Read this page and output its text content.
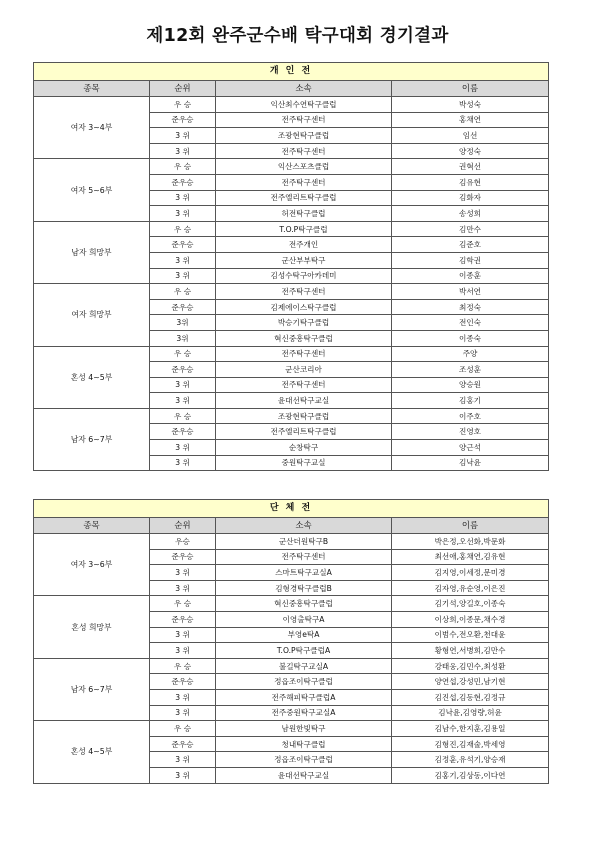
제12회 완주군수배 탁구대회 경기결과
개 인 전			
종목	순위	소속	이름
여자 3~4부	우 승	익산최수연탁구클럽	박성숙
	준우승	전주탁구센터	홍채연
	3 위	조광현탁구클럽	임선
	3 위	전주탁구센터	양정숙
여자 5~6부	우 승	익산스포츠클럽	권혁선
	준우승	전주탁구센터	김유현
	3 위	전주엘리트탁구클럽	김화자
	3 위	허전탁구클럽	송성희
남자 희망부	우 승	T.O.P탁구클럽	김만수
	준우승	전주개인	김준호
	3 위	군산부부탁구	김학권
	3 위	김성수탁구아카데미	이종훈
여자 희망부	우 승	전주탁구센터	박서연
	준우승	김제에이스탁구클럽	최정숙
	3위	박승기탁구클럽	전인숙
	3위	혁신중흥탁구클럽	이종숙
혼성 4~5부	우 승	전주탁구센터	주양
	준우승	군산코리아	조성훈
	3 위	전주탁구센터	양승원
	3 위	윤대선탁구교실	김홍기
남자 6~7부	우 승	조광현탁구클럽	이주호
	준우승	전주엘리트탁구클럽	진영호
	3 위	순창탁구	양근석
	3 위	중원탁구교실	김낙윤
단 체 전			
종목	순위	소속	이름
여자 3~6부	우승	군산더원탁구B	박은정,오선화,박문화
	준우승	전주탁구센터	최선애,홍채연,김유현
	3 위	스마트탁구교실A	김지영,이세정,문미경
	3 위	김형경탁구클럽B	김자영,유순영,이은진
혼성 희망부	우 승	혁신중흥탁구클럽	김기석,양길호,이종숙
	준우승	이영출탁구A	이상희,이종문,채수경
	3 위	부영e탁A	이범수,전오환,천대윤
	3 위	T.O.P탁구클럽A	황형연,서병희,김만수
남자 6~7부	우 승	불길탁구교실A	강태웅,김민수,최성환
	준우승	정읍조이탁구클럽	양연섭,강성민,남기현
	3 위	전주해피탁구클럽A	김진섭,김동현,김정규
	3 위	전주중원탁구교실A	김낙윤,김영량,허윤
혼성 4~5부	우 승	남원한빛탁구	김남수,한지훈,김용일
	준우승	청내탁구클럽	김형진,김재술,박세영
	3 위	정읍조이탁구클럽	김정훈,유석기,양승재
	3 위	윤대선탁구교실	김홍기,김상동,이다연
